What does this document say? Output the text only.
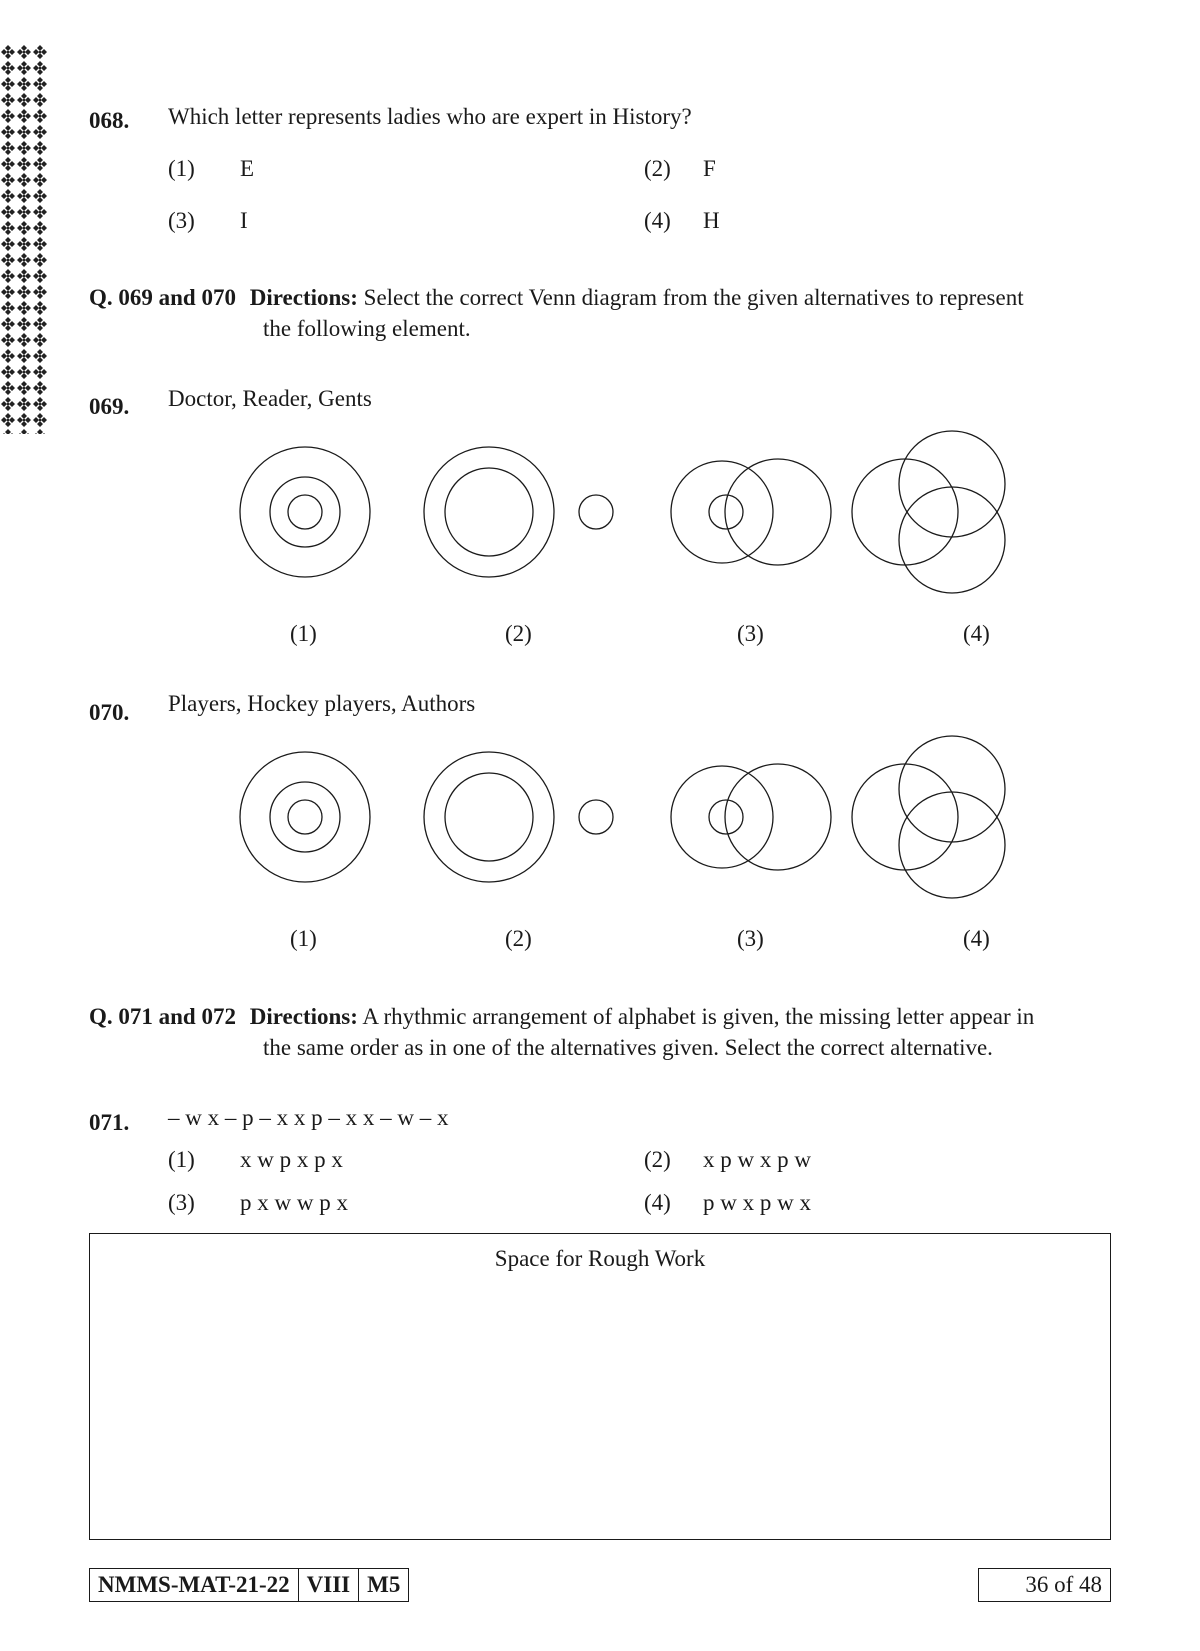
068. Which letter represents ladies who are expert in History?
(1) E	(2) F
(3) I	(4) H
Q. 069 and 070 Directions: Select the correct Venn diagram from the given alternatives to represent
the following element.
069. Doctor, Reader, Gents
(1)	(2)	(3)	(4)
070. Players, Hockey players, Authors
(1)	(2)	(3)	(4)
Q. 071 and 072 Directions: A rhythmic arrangement of alphabet is given, the missing letter appear in
the same order as in one of the alternatives given. Select the correct alternative.
071. – w x – p – x x p – x x – w – x
(1) x w p x p x	(2) x p w x p w
(3) p x w w p x	(4) p w x p w x
Space for Rough Work
NMMS-MAT-21-22 VIII M5	36 of 48
